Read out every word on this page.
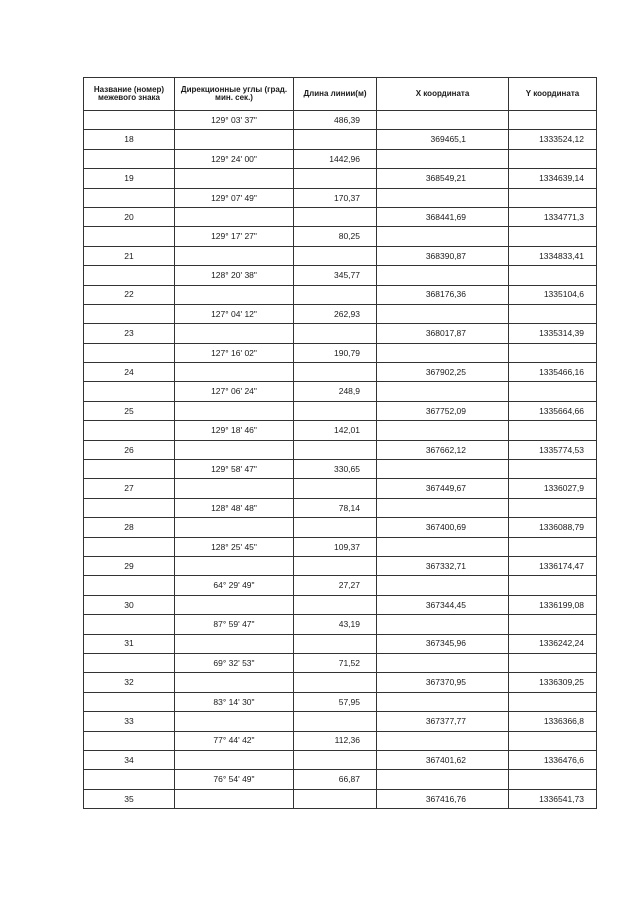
Название (номер) межевого знака	Дирекционные углы (град. мин. сек.)	Длина линии(м)	X координата	Y координата
	129° 03' 37"	486,39		
18			369465,1	1333524,12
	129° 24' 00"	1442,96		
19			368549,21	1334639,14
	129° 07' 49"	170,37		
20			368441,69	1334771,3
	129° 17' 27"	80,25		
21			368390,87	1334833,41
	128° 20' 38"	345,77		
22			368176,36	1335104,6
	127° 04' 12"	262,93		
23			368017,87	1335314,39
	127° 16' 02"	190,79		
24			367902,25	1335466,16
	127° 06' 24"	248,9		
25			367752,09	1335664,66
	129° 18' 46"	142,01		
26			367662,12	1335774,53
	129° 58' 47"	330,65		
27			367449,67	1336027,9
	128° 48' 48"	78,14		
28			367400,69	1336088,79
	128° 25' 45"	109,37		
29			367332,71	1336174,47
	64° 29' 49"	27,27		
30			367344,45	1336199,08
	87° 59' 47"	43,19		
31			367345,96	1336242,24
	69° 32' 53"	71,52		
32			367370,95	1336309,25
	83° 14' 30"	57,95		
33			367377,77	1336366,8
	77° 44' 42"	112,36		
34			367401,62	1336476,6
	76° 54' 49"	66,87		
35			367416,76	1336541,73
